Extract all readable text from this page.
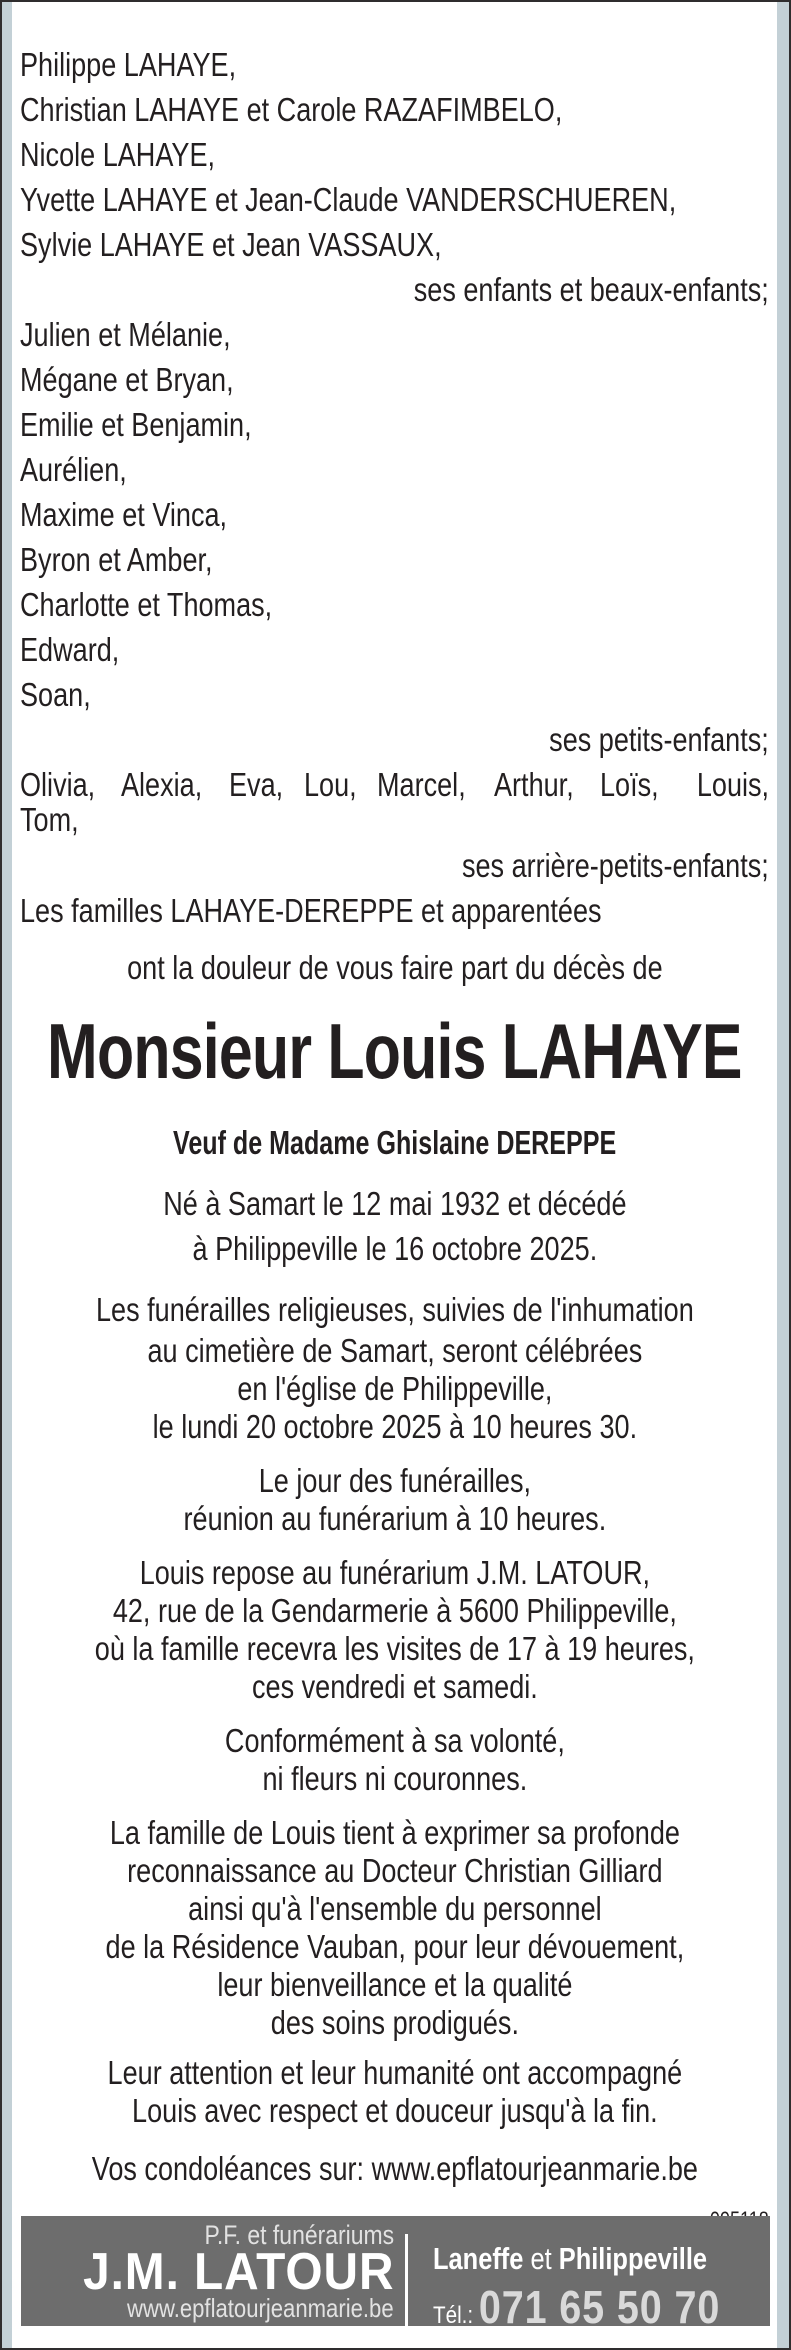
Philippe LAHAYE,
Christian LAHAYE et Carole RAZAFIMBELO,
Nicole LAHAYE,
Yvette LAHAYE et Jean-Claude VANDERSCHUEREN,
Sylvie LAHAYE et Jean VASSAUX,
ses enfants et beaux-enfants;
Julien et Mélanie,
Mégane et Bryan,
Emilie et Benjamin,
Aurélien,
Maxime et Vinca,
Byron et Amber,
Charlotte et Thomas,
Edward,
Soan,
ses petits-enfants;
Olivia, Alexia, Eva, Lou, Marcel, Arthur, Loïs, Louis,
Tom,
ses arrière-petits-enfants;
Les familles LAHAYE-DEREPPE et apparentées
ont la douleur de vous faire part du décès de
Monsieur Louis LAHAYE
Veuf de Madame Ghislaine DEREPPE
Né à Samart le 12 mai 1932 et décédé
à Philippeville le 16 octobre 2025.
Les funérailles religieuses, suivies de l'inhumation
au cimetière de Samart, seront célébrées
en l'église de Philippeville,
le lundi 20 octobre 2025 à 10 heures 30.
Le jour des funérailles,
réunion au funérarium à 10 heures.
Louis repose au funérarium J.M. LATOUR,
42, rue de la Gendarmerie à 5600 Philippeville,
où la famille recevra les visites de 17 à 19 heures,
ces vendredi et samedi.
Conformément à sa volonté,
ni fleurs ni couronnes.
La famille de Louis tient à exprimer sa profonde
reconnaissance au Docteur Christian Gilliard
ainsi qu'à l'ensemble du personnel
de la Résidence Vauban, pour leur dévouement,
leur bienveillance et la qualité
des soins prodigués.
Leur attention et leur humanité ont accompagné
Louis avec respect et douceur jusqu'à la fin.
Vos condoléances sur: www.epflatourjeanmarie.be
P.F. et funérariums
J.M. LATOUR
www.epflatourjeanmarie.be
Laneffe et Philippeville
Tél.: 071 65 50 70
